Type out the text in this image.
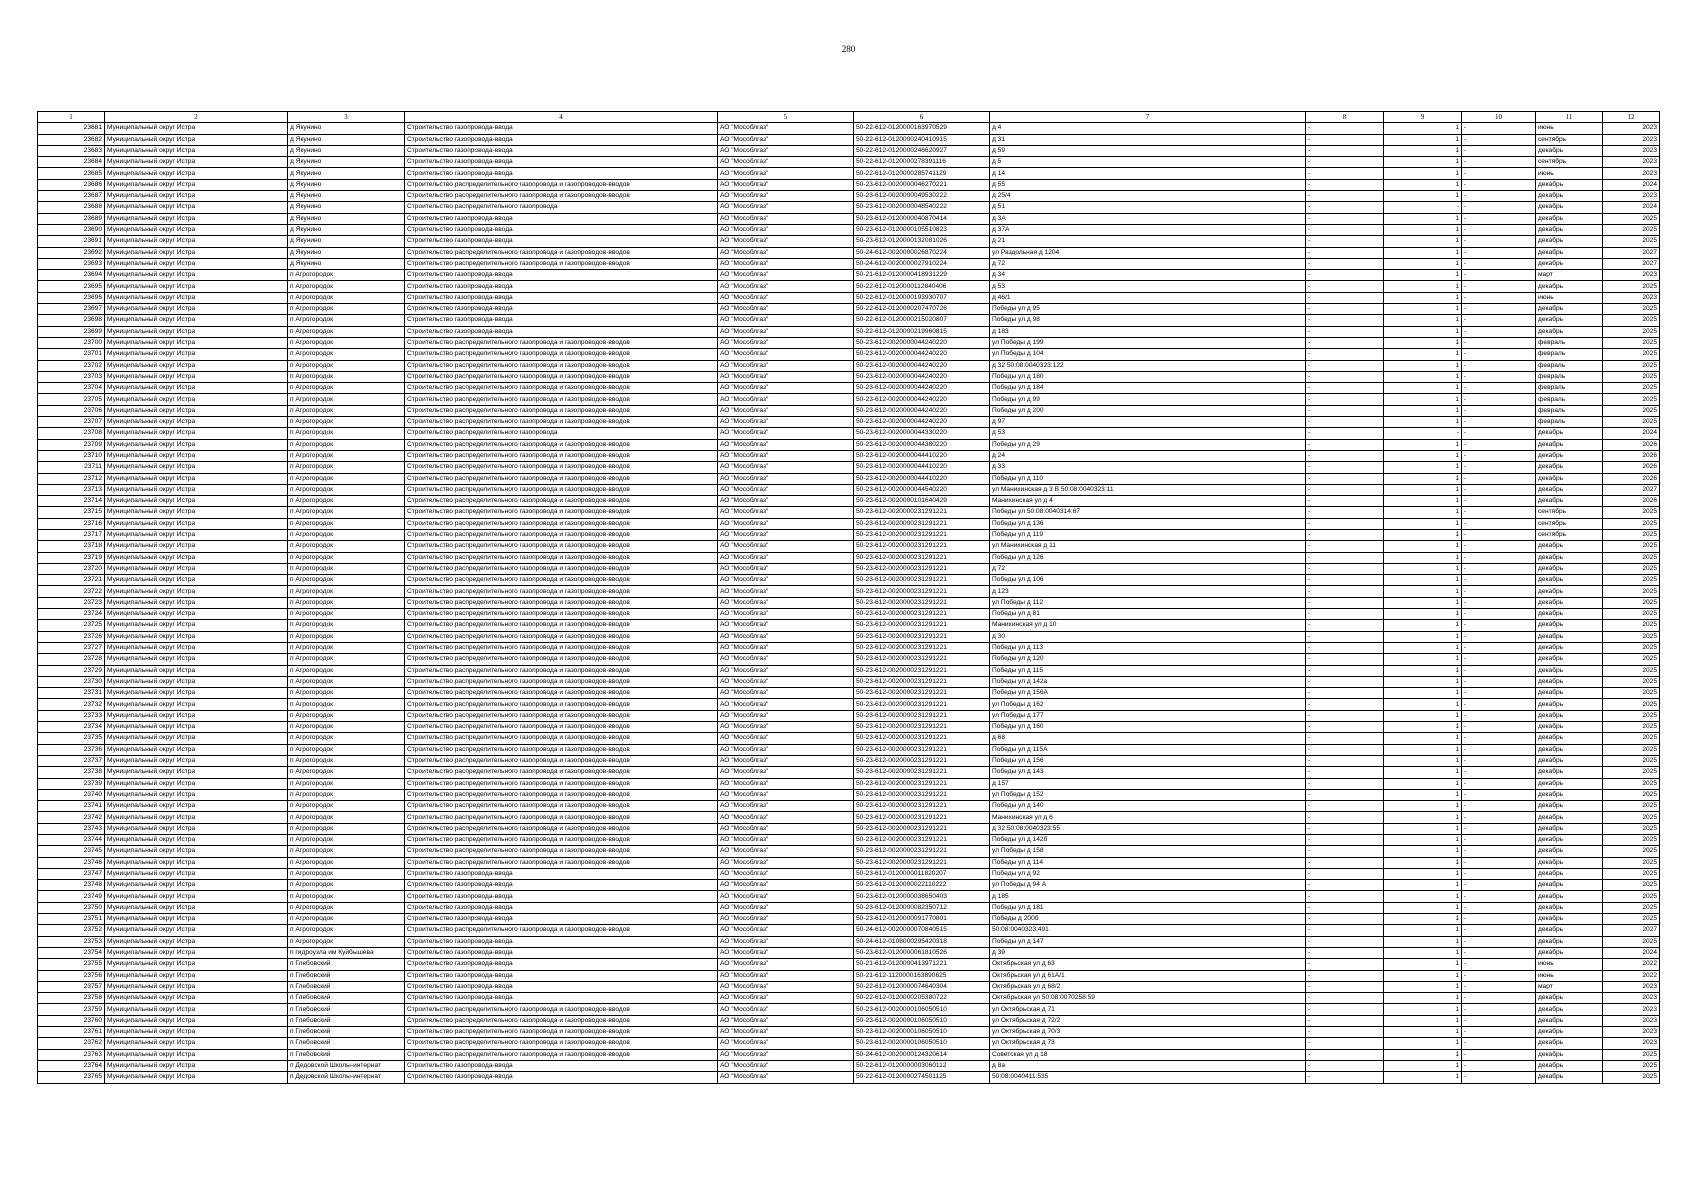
280
1	2	3	4	5	6	7	8	9	10	11	12
23681	Муниципальный округ Истра	д Якунино	Строительство газопровода-ввода	АО "Мособлгаз"	50-22-612-0120000163970529	д 4	-	1	-	июнь	2023
23682	Муниципальный округ Истра	д Якунино	Строительство газопровода-ввода	АО "Мособлгаз"	50-22-612-0120000240410915	д 31	-	1	-	сентябрь	2023
23683	Муниципальный округ Истра	д Якунино	Строительство газопровода-ввода	АО "Мособлгаз"	50-22-612-0120000246620927	д 59	-	1	-	декабрь	2023
23684	Муниципальный округ Истра	д Якунино	Строительство газопровода-ввода	АО "Мособлгаз"	50-22-612-0120000278391116	д 5	-	1	-	сентябрь	2023
23685	Муниципальный округ Истра	д Якунино	Строительство газопровода-ввода	АО "Мособлгаз"	50-22-612-0120000285741129	д 14	-	1	-	июнь	2023
23686	Муниципальный округ Истра	д Якунино	Строительство распределительного газопровода и газопроводов-вводов	АО "Мособлгаз"	50-23-612-0020000046270221	д 55	-	1	-	декабрь	2024
23687	Муниципальный округ Истра	д Якунино	Строительство распределительного газопровода и газопроводов-вводов	АО "Мособлгаз"	50-23-612-0020000049530222	д 25/4	-	1	-	декабрь	2023
23688	Муниципальный округ Истра	д Якунино	Строительство распределительного газопровода	АО "Мособлгаз"	50-23-612-0020000048540222	д 51	-	-	-	декабрь	2024
23689	Муниципальный округ Истра	д Якунино	Строительство газопровода-ввода	АО "Мособлгаз"	50-23-612-0120000040870414	д 3А	-	1	-	декабрь	2025
23690	Муниципальный округ Истра	д Якунино	Строительство газопровода-ввода	АО "Мособлгаз"	50-23-612-0120000105510823	д 37А	-	1	-	декабрь	2025
23691	Муниципальный округ Истра	д Якунино	Строительство газопровода-ввода	АО "Мособлгаз"	50-23-612-0120000132081026	д 21	-	1	-	декабрь	2025
23692	Муниципальный округ Истра	д Якунино	Строительство распределительного газопровода и газопроводов-вводов	АО "Мособлгаз"	50-24-612-0020000026870224	ул Раздольная д 1204	-	1	-	декабрь	2027
23693	Муниципальный округ Истра	д Якунино	Строительство распределительного газопровода и газопроводов-вводов	АО "Мособлгаз"	50-24-612-0020000027910224	д 72	-	1	-	декабрь	2027
23694	Муниципальный округ Истра	п Агрогородок	Строительство газопровода-ввода	АО "Мособлгаз"	50-21-612-0120000418931229	д 34	-	1	-	март	2023
23695	Муниципальный округ Истра	п Агрогородок	Строительство газопровода-ввода	АО "Мособлгаз"	50-22-612-0120000112840406	д 53	-	1	-	декабрь	2025
23696	Муниципальный округ Истра	п Агрогородок	Строительство газопровода-ввода	АО "Мособлгаз"	50-22-612-0120000193930707	д 46/1	-	1	-	июнь	2023
23697	Муниципальный округ Истра	п Агрогородок	Строительство газопровода-ввода	АО "Мособлгаз"	50-22-612-0120000207470726	Победы ул д 95	-	1	-	декабрь	2025
23698	Муниципальный округ Истра	п Агрогородок	Строительство газопровода-ввода	АО "Мособлгаз"	50-22-612-0120000215020807	Победы ул д 98	-	1	-	декабрь	2025
23699	Муниципальный округ Истра	п Агрогородок	Строительство газопровода-ввода	АО "Мособлгаз"	50-22-612-0120000219960815	д 183	-	1	-	декабрь	2025
23700	Муниципальный округ Истра	п Агрогородок	Строительство распределительного газопровода и газопроводов-вводов	АО "Мособлгаз"	50-23-612-0020000044240220	ул Победы д 199	-	1	-	февраль	2025
23701	Муниципальный округ Истра	п Агрогородок	Строительство распределительного газопровода и газопроводов-вводов	АО "Мособлгаз"	50-23-612-0020000044240220	ул Победы д 104	-	1	-	февраль	2025
23702	Муниципальный округ Истра	п Агрогородок	Строительство распределительного газопровода и газопроводов-вводов	АО "Мособлгаз"	50-23-612-0020000044240220	д 32 50:08:0040323:122	-	1	-	февраль	2025
23703	Муниципальный округ Истра	п Агрогородок	Строительство распределительного газопровода и газопроводов-вводов	АО "Мособлгаз"	50-23-612-0020000044240220	Победы ул д 180	-	1	-	февраль	2025
23704	Муниципальный округ Истра	п Агрогородок	Строительство распределительного газопровода и газопроводов-вводов	АО "Мособлгаз"	50-23-612-0020000044240220	Победы ул д 184	-	1	-	февраль	2025
23705	Муниципальный округ Истра	п Агрогородок	Строительство распределительного газопровода и газопроводов-вводов	АО "Мособлгаз"	50-23-612-0020000044240220	Победы ул д 99	-	1	-	февраль	2025
23706	Муниципальный округ Истра	п Агрогородок	Строительство распределительного газопровода и газопроводов-вводов	АО "Мособлгаз"	50-23-612-0020000044240220	Победы ул д 200	-	1	-	февраль	2025
23707	Муниципальный округ Истра	п Агрогородок	Строительство распределительного газопровода и газопроводов-вводов	АО "Мособлгаз"	50-23-612-0020000044240220	д 97	-	1	-	февраль	2025
23708	Муниципальный округ Истра	п Агрогородок	Строительство распределительного газопровода	АО "Мособлгаз"	50-23-612-0020000044330220	д 53	-	-	-	декабрь	2024
23709	Муниципальный округ Истра	п Агрогородок	Строительство распределительного газопровода и газопроводов-вводов	АО "Мособлгаз"	50-23-612-0020000044380220	Победы ул д 29	-	1	-	декабрь	2026
23710	Муниципальный округ Истра	п Агрогородок	Строительство распределительного газопровода и газопроводов-вводов	АО "Мособлгаз"	50-23-612-0020000044410220	д 24	-	1	-	декабрь	2026
23711	Муниципальный округ Истра	п Агрогородок	Строительство распределительного газопровода и газопроводов-вводов	АО "Мособлгаз"	50-23-612-0020000044410220	д 33	-	1	-	декабрь	2026
23712	Муниципальный округ Истра	п Агрогородок	Строительство распределительного газопровода и газопроводов-вводов	АО "Мособлгаз"	50-23-612-0020000044410220	Победы ул д 110	-	1	-	декабрь	2026
23713	Муниципальный округ Истра	п Агрогородок	Строительство распределительного газопровода и газопроводов-вводов	АО "Мособлгаз"	50-23-612-0020000044540220	ул Манихинская д 3 В 50:08:0040323:11	-	1	-	декабрь	2027
23714	Муниципальный округ Истра	п Агрогородок	Строительство распределительного газопровода и газопроводов-вводов	АО "Мособлгаз"	50-23-612-0020000101640429	Манихинская ул д 4	-	1	-	декабрь	2026
23715	Муниципальный округ Истра	п Агрогородок	Строительство распределительного газопровода и газопроводов-вводов	АО "Мособлгаз"	50-23-612-0020000231291221	Победы ул 50:08:0040314:67	-	1	-	сентябрь	2025
23716	Муниципальный округ Истра	п Агрогородок	Строительство распределительного газопровода и газопроводов-вводов	АО "Мособлгаз"	50-23-612-0020000231291221	Победы ул д 136	-	1	-	сентябрь	2025
23717	Муниципальный округ Истра	п Агрогородок	Строительство распределительного газопровода и газопроводов-вводов	АО "Мособлгаз"	50-23-612-0020000231291221	Победы ул д 119	-	1	-	сентябрь	2025
23718	Муниципальный округ Истра	п Агрогородок	Строительство распределительного газопровода и газопроводов-вводов	АО "Мособлгаз"	50-23-612-0020000231291221	ул Манихинская д 11	-	1	-	декабрь	2025
23719	Муниципальный округ Истра	п Агрогородок	Строительство распределительного газопровода и газопроводов-вводов	АО "Мособлгаз"	50-23-612-0020000231291221	Победы ул д 126	-	1	-	декабрь	2025
23720	Муниципальный округ Истра	п Агрогородок	Строительство распределительного газопровода и газопроводов-вводов	АО "Мособлгаз"	50-23-612-0020000231291221	д 72	-	1	-	декабрь	2025
23721	Муниципальный округ Истра	п Агрогородок	Строительство распределительного газопровода и газопроводов-вводов	АО "Мособлгаз"	50-23-612-0020000231291221	Победы ул д 106	-	1	-	декабрь	2025
23722	Муниципальный округ Истра	п Агрогородок	Строительство распределительного газопровода и газопроводов-вводов	АО "Мособлгаз"	50-23-612-0020000231291221	д 123	-	1	-	декабрь	2025
23723	Муниципальный округ Истра	п Агрогородок	Строительство распределительного газопровода и газопроводов-вводов	АО "Мособлгаз"	50-23-612-0020000231291221	ул Победы д 112	-	1	-	декабрь	2025
23724	Муниципальный округ Истра	п Агрогородок	Строительство распределительного газопровода и газопроводов-вводов	АО "Мособлгаз"	50-23-612-0020000231291221	Победы ул д 81	-	1	-	декабрь	2025
23725	Муниципальный округ Истра	п Агрогородок	Строительство распределительного газопровода и газопроводов-вводов	АО "Мособлгаз"	50-23-612-0020000231291221	Манихинская ул д 10	-	1	-	декабрь	2025
23726	Муниципальный округ Истра	п Агрогородок	Строительство распределительного газопровода и газопроводов-вводов	АО "Мособлгаз"	50-23-612-0020000231291221	д 30	-	1	-	декабрь	2025
23727	Муниципальный округ Истра	п Агрогородок	Строительство распределительного газопровода и газопроводов-вводов	АО "Мособлгаз"	50-23-612-0020000231291221	Победы ул д 113	-	1	-	декабрь	2025
23728	Муниципальный округ Истра	п Агрогородок	Строительство распределительного газопровода и газопроводов-вводов	АО "Мособлгаз"	50-23-612-0020000231291221	Победы ул д 120	-	1	-	декабрь	2025
23729	Муниципальный округ Истра	п Агрогородок	Строительство распределительного газопровода и газопроводов-вводов	АО "Мособлгаз"	50-23-612-0020000231291221	Победы ул д 115	-	1	-	декабрь	2025
23730	Муниципальный округ Истра	п Агрогородок	Строительство распределительного газопровода и газопроводов-вводов	АО "Мособлгаз"	50-23-612-0020000231291221	Победы ул д 142а	-	1	-	декабрь	2025
23731	Муниципальный округ Истра	п Агрогородок	Строительство распределительного газопровода и газопроводов-вводов	АО "Мособлгаз"	50-23-612-0020000231291221	Победы ул д 156А	-	1	-	декабрь	2025
23732	Муниципальный округ Истра	п Агрогородок	Строительство распределительного газопровода и газопроводов-вводов	АО "Мособлгаз"	50-23-612-0020000231291221	ул Победы д 162	-	1	-	декабрь	2025
23733	Муниципальный округ Истра	п Агрогородок	Строительство распределительного газопровода и газопроводов-вводов	АО "Мособлгаз"	50-23-612-0020000231291221	ул Победы д 177	-	1	-	декабрь	2025
23734	Муниципальный округ Истра	п Агрогородок	Строительство распределительного газопровода и газопроводов-вводов	АО "Мособлгаз"	50-23-612-0020000231291221	Победы ул д 160	-	1	-	декабрь	2025
23735	Муниципальный округ Истра	п Агрогородок	Строительство распределительного газопровода и газопроводов-вводов	АО "Мособлгаз"	50-23-612-0020000231291221	д 68	-	1	-	декабрь	2025
23736	Муниципальный округ Истра	п Агрогородок	Строительство распределительного газопровода и газопроводов-вводов	АО "Мособлгаз"	50-23-612-0020000231291221	Победы ул д 115А	-	1	-	декабрь	2025
23737	Муниципальный округ Истра	п Агрогородок	Строительство распределительного газопровода и газопроводов-вводов	АО "Мособлгаз"	50-23-612-0020000231291221	Победы ул д 156	-	1	-	декабрь	2025
23738	Муниципальный округ Истра	п Агрогородок	Строительство распределительного газопровода и газопроводов-вводов	АО "Мособлгаз"	50-23-612-0020000231291221	Победы ул д 143	-	1	-	декабрь	2025
23739	Муниципальный округ Истра	п Агрогородок	Строительство распределительного газопровода и газопроводов-вводов	АО "Мособлгаз"	50-23-612-0020000231291221	д 157	-	1	-	декабрь	2025
23740	Муниципальный округ Истра	п Агрогородок	Строительство распределительного газопровода и газопроводов-вводов	АО "Мособлгаз"	50-23-612-0020000231291221	ул Победы д 152	-	1	-	декабрь	2025
23741	Муниципальный округ Истра	п Агрогородок	Строительство распределительного газопровода и газопроводов-вводов	АО "Мособлгаз"	50-23-612-0020000231291221	Победы ул д 140	-	1	-	декабрь	2025
23742	Муниципальный округ Истра	п Агрогородок	Строительство распределительного газопровода и газопроводов-вводов	АО "Мособлгаз"	50-23-612-0020000231291221	Манихинская ул д 6	-	1	-	декабрь	2025
23743	Муниципальный округ Истра	п Агрогородок	Строительство распределительного газопровода и газопроводов-вводов	АО "Мособлгаз"	50-23-612-0020000231291221	д 32 50:08:0040323:55	-	1	-	декабрь	2025
23744	Муниципальный округ Истра	п Агрогородок	Строительство распределительного газопровода и газопроводов-вводов	АО "Мособлгаз"	50-23-612-0020000231291221	Победы ул д 142б	-	1	-	декабрь	2025
23745	Муниципальный округ Истра	п Агрогородок	Строительство распределительного газопровода и газопроводов-вводов	АО "Мособлгаз"	50-23-612-0020000231291221	ул Победы д 158	-	1	-	декабрь	2025
23746	Муниципальный округ Истра	п Агрогородок	Строительство распределительного газопровода и газопроводов-вводов	АО "Мособлгаз"	50-23-612-0020000231291221	Победы ул д 114	-	1	-	декабрь	2025
23747	Муниципальный округ Истра	п Агрогородок	Строительство газопровода-ввода	АО "Мособлгаз"	50-23-612-0120000011820207	Победы ул д 92	-	1	-	декабрь	2025
23748	Муниципальный округ Истра	п Агрогородок	Строительство газопровода-ввода	АО "Мособлгаз"	50-23-612-0120000022110222	ул Победы д 94 А	-	1	-	декабрь	2025
23749	Муниципальный округ Истра	п Агрогородок	Строительство газопровода-ввода	АО "Мособлгаз"	50-23-612-0120000038650403	д 185	-	1	-	декабрь	2025
23750	Муниципальный округ Истра	п Агрогородок	Строительство газопровода-ввода	АО "Мособлгаз"	50-23-612-0120000082350712	Победы ул д 181	-	1	-	декабрь	2025
23751	Муниципальный округ Истра	п Агрогородок	Строительство газопровода-ввода	АО "Мособлгаз"	50-23-612-0120000091770801	Победы д 200б	-	1	-	декабрь	2025
23752	Муниципальный округ Истра	п Агрогородок	Строительство распределительного газопровода и газопроводов-вводов	АО "Мособлгаз"	50-24-612-0020000070840515	50:08:0040323:491	-	1	-	декабрь	2027
23753	Муниципальный округ Истра	п Агрогородок	Строительство газопровода-ввода	АО "Мособлгаз"	50-24-612-0108000295420318	Победы ул д 147	-	1	-	декабрь	2025
23754	Муниципальный округ Истра	п гидроузла им Куйбышева	Строительство газопровода-ввода	АО "Мособлгаз"	50-23-612-0120000061810526	д 39	-	1	-	декабрь	2024
23755	Муниципальный округ Истра	п Глебовский	Строительство газопровода-ввода	АО "Мособлгаз"	50-21-612-0120000413971221	Октябрьская ул д 63	-	1	-	июнь	2022
23756	Муниципальный округ Истра	п Глебовский	Строительство газопровода-ввода	АО "Мособлгаз"	50-21-612-1120000163890625	Октябрьская ул д 61А/1	-	1	-	июнь	2022
23757	Муниципальный округ Истра	п Глебовский	Строительство газопровода-ввода	АО "Мособлгаз"	50-22-612-0120000074640304	Октябрьская ул д 68/2	-	1	-	март	2023
23758	Муниципальный округ Истра	п Глебовский	Строительство газопровода-ввода	АО "Мособлгаз"	50-22-612-0120000205380722	Октябрьская ул 50:08:0070258:59	-	1	-	декабрь	2023
23759	Муниципальный округ Истра	п Глебовский	Строительство распределительного газопровода и газопроводов-вводов	АО "Мособлгаз"	50-23-612-0020000106050510	ул Октябрьская д 71	-	1	-	декабрь	2023
23760	Муниципальный округ Истра	п Глебовский	Строительство распределительного газопровода и газопроводов-вводов	АО "Мособлгаз"	50-23-612-0020000106050510	ул Октябрьская д 72/2	-	1	-	декабрь	2023
23761	Муниципальный округ Истра	п Глебовский	Строительство распределительного газопровода и газопроводов-вводов	АО "Мособлгаз"	50-23-612-0020000106050510	ул Октябрьская д 70/3	-	1	-	декабрь	2023
23762	Муниципальный округ Истра	п Глебовский	Строительство распределительного газопровода и газопроводов-вводов	АО "Мособлгаз"	50-23-612-0020000106050510	ул Октябрьская д 73	-	1	-	декабрь	2023
23763	Муниципальный округ Истра	п Глебовский	Строительство распределительного газопровода и газопроводов-вводов	АО "Мособлгаз"	50-24-612-0020000124320614	Советская ул д 18	-	1	-	декабрь	2025
23764	Муниципальный округ Истра	п Дедовской Школы-интернат	Строительство газопровода-ввода	АО "Мособлгаз"	50-22-612-0120000003060112	д 8а	-	1	-	декабрь	2025
23765	Муниципальный округ Истра	п Дедовской Школы-интернат	Строительство газопровода-ввода	АО "Мособлгаз"	50-22-612-0120000274501125	50:08:0040411:535	-	1	-	декабрь	2025
